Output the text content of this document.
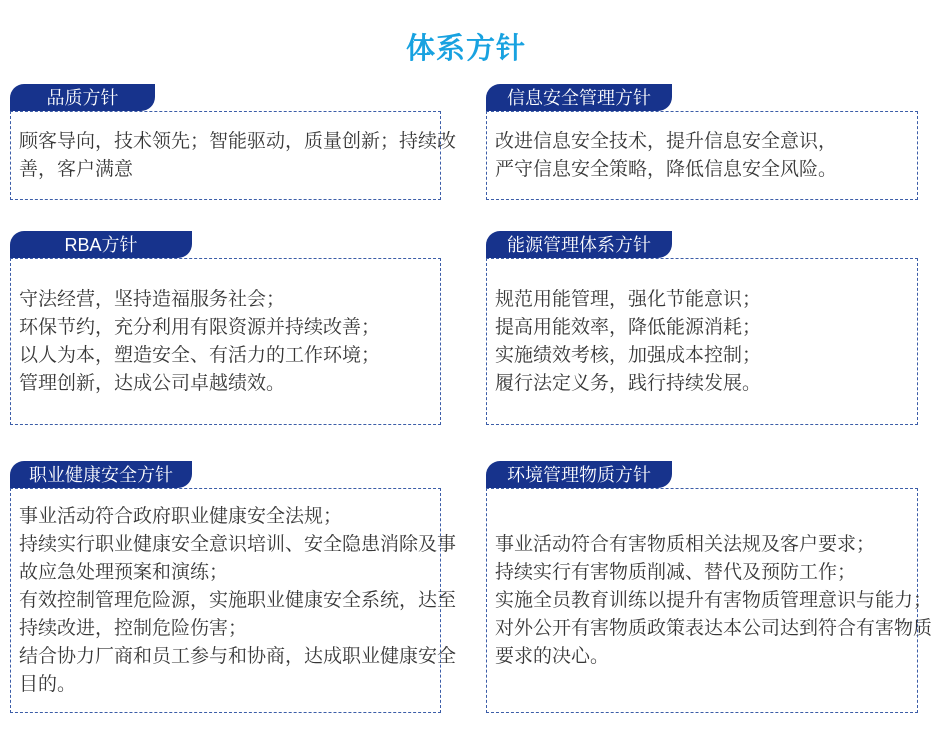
体系方针
品质方针
顾客导向，技术领先；智能驱动，质量创新；持续改
善，客户满意
信息安全管理方针
改进信息安全技术，提升信息安全意识，
严守信息安全策略，降低信息安全风险。
RBA方针
守法经营，坚持造福服务社会；
环保节约，充分利用有限资源并持续改善；
以人为本，塑造安全、有活力的工作环境；
管理创新，达成公司卓越绩效。
能源管理体系方针
规范用能管理，强化节能意识；
提高用能效率，降低能源消耗；
实施绩效考核，加强成本控制；
履行法定义务，践行持续发展。
职业健康安全方针
事业活动符合政府职业健康安全法规；
持续实行职业健康安全意识培训、安全隐患消除及事
故应急处理预案和演练；
有效控制管理危险源，实施职业健康安全系统，达至
持续改进，控制危险伤害；
结合协力厂商和员工参与和协商，达成职业健康安全
目的。
环境管理物质方针
事业活动符合有害物质相关法规及客户要求；
持续实行有害物质削减、替代及预防工作；
实施全员教育训练以提升有害物质管理意识与能力；
对外公开有害物质政策表达本公司达到符合有害物质
要求的决心。
